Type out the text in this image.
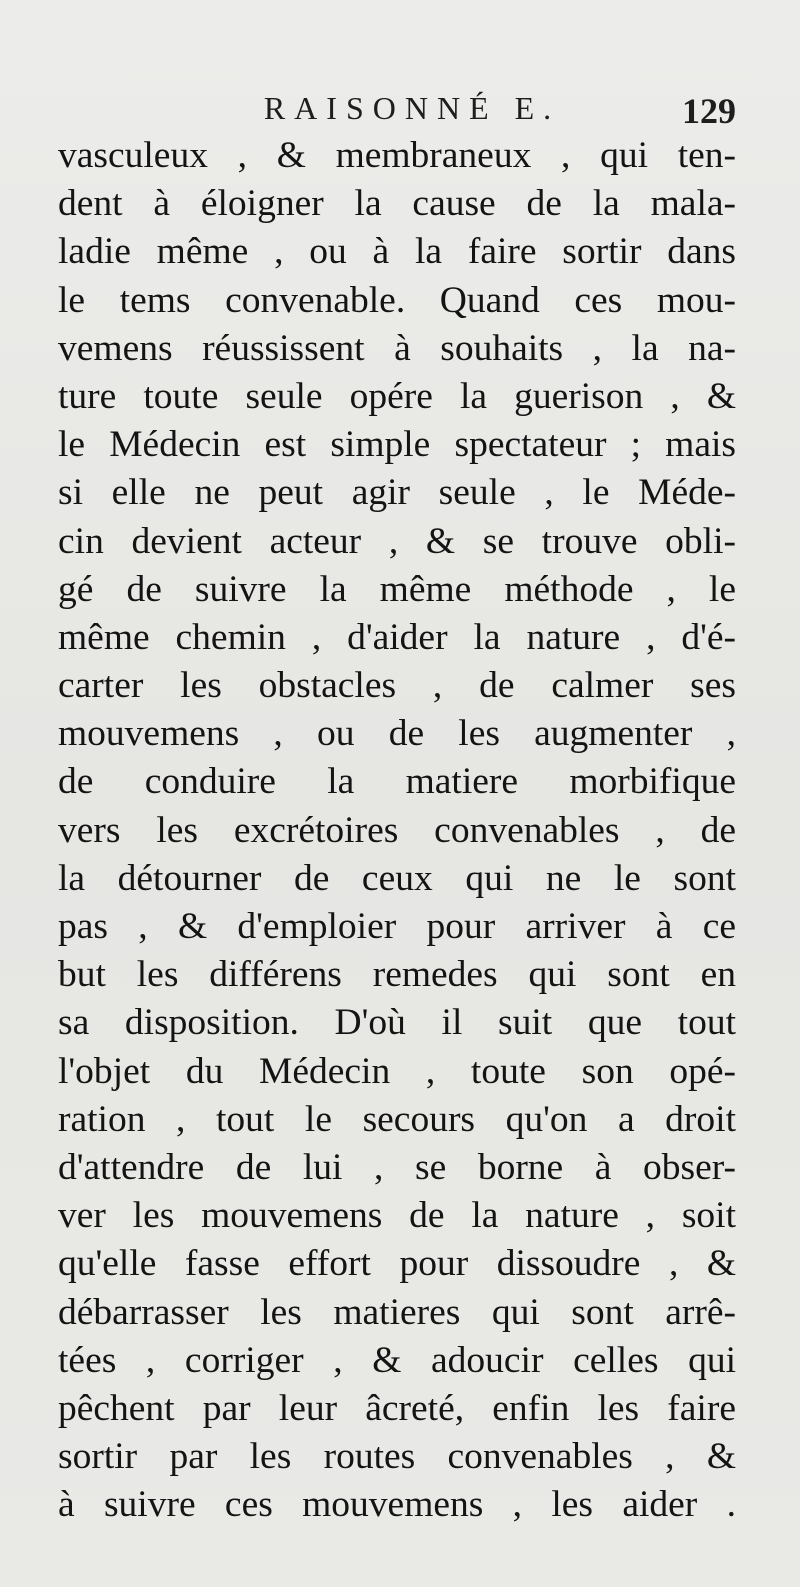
RAISONNÉ E.	129
vasculeux , & membraneux , qui ten-
dent à éloigner la cause de la mala-
ladie même , ou à la faire sortir dans
le tems convenable. Quand ces mou-
vemens réussissent à souhaits , la na-
ture toute seule opére la guerison , &
le Médecin est simple spectateur ; mais
si elle ne peut agir seule , le Méde-
cin devient acteur , & se trouve obli-
gé de suivre la même méthode , le
même chemin , d'aider la nature , d'é-
carter les obstacles , de calmer ses
mouvemens , ou de les augmenter ,
de conduire la matiere morbifique
vers les excrétoires convenables , de
la détourner de ceux qui ne le sont
pas , & d'emploier pour arriver à ce
but les différens remedes qui sont en
sa disposition. D'où il suit que tout
l'objet du Médecin , toute son opé-
ration , tout le secours qu'on a droit
d'attendre de lui , se borne à obser-
ver les mouvemens de la nature , soit
qu'elle fasse effort pour dissoudre , &
débarrasser les matieres qui sont arrê-
tées , corriger , & adoucir celles qui
pêchent par leur âcreté, enfin les faire
sortir par les routes convenables , &
à suivre ces mouvemens , les aider .
